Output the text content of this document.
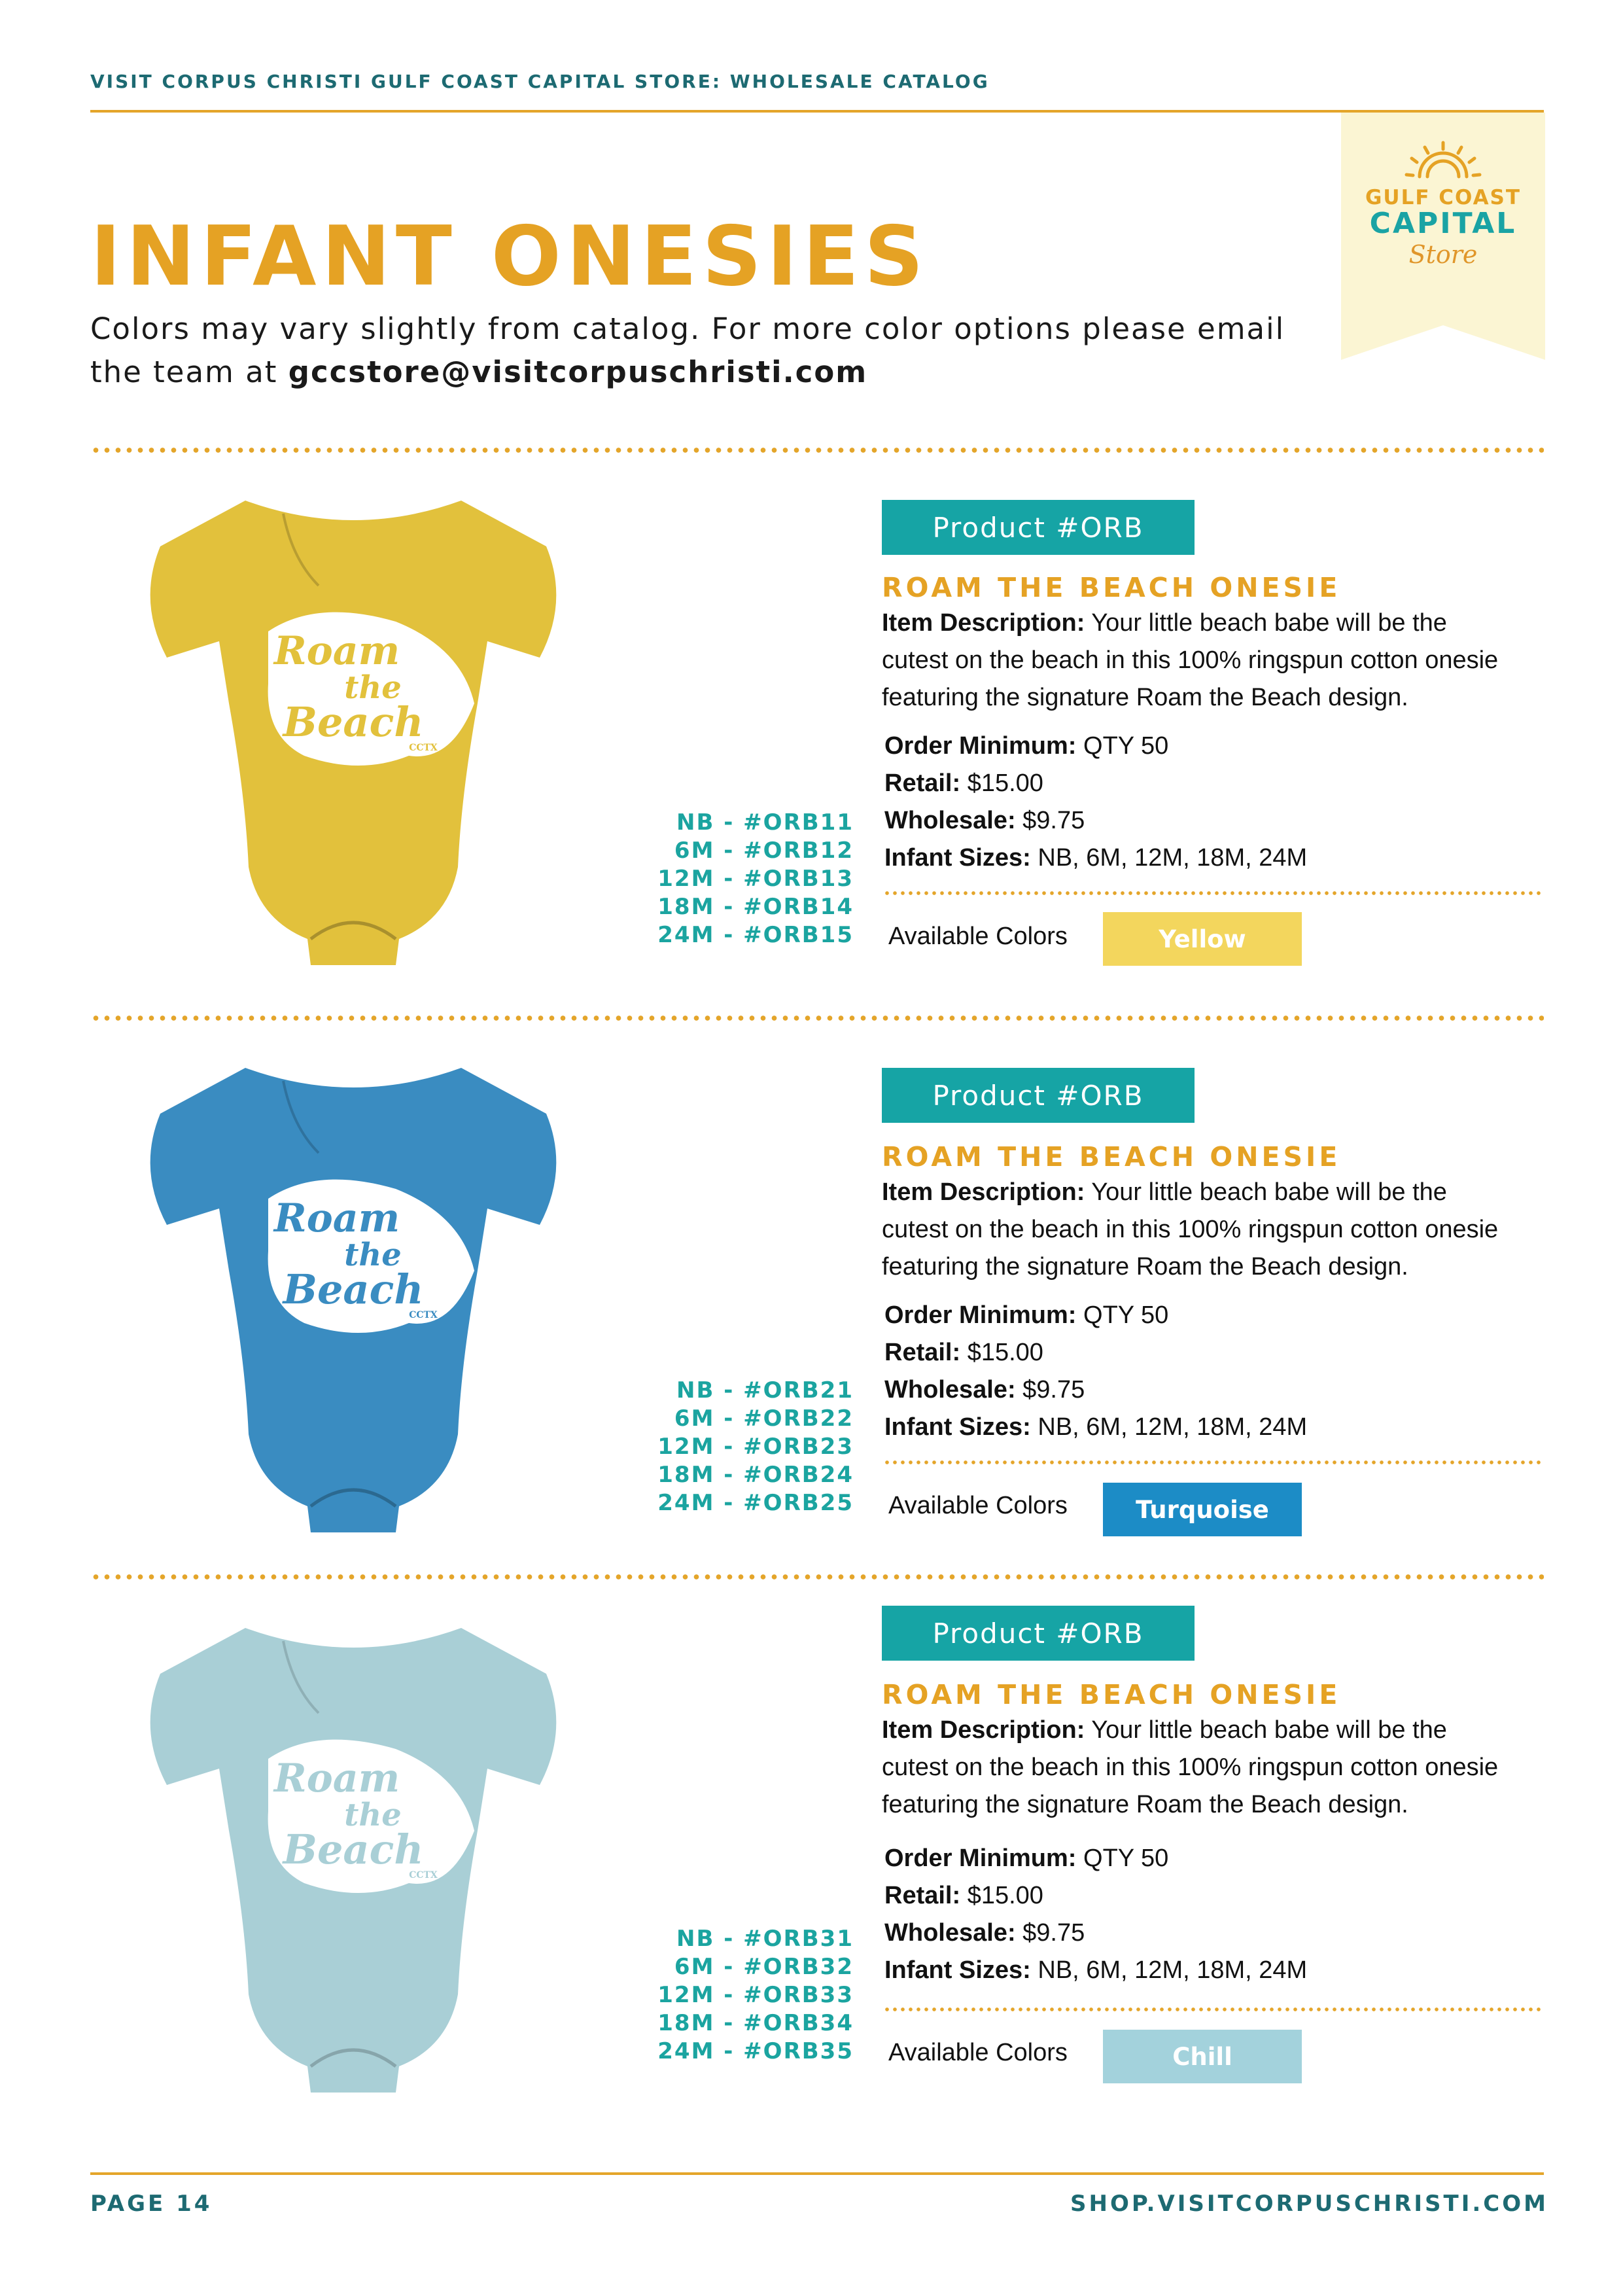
VISIT CORPUS CHRISTI GULF COAST CAPITAL STORE: WHOLESALE CATALOG
GULF COAST
CAPITAL
Store
INFANT ONESIES
Colors may vary slightly from catalog. For more color options please email the team at gccstore@visitcorpuschristi.com
Roam
the
Beach
CCTX
NB - #ORB11
6M - #ORB12
12M - #ORB13
18M - #ORB14
24M - #ORB15
Product #ORB
ROAM THE BEACH ONESIE
Item Description: Your little beach babe will be the
cutest on the beach in this 100% ringspun cotton onesie
featuring the signature Roam the Beach design.
Order Minimum: QTY 50
Retail: $15.00
Wholesale: $9.75
Infant Sizes: NB, 6M, 12M, 18M, 24M
Available Colors	Yellow
Roam
the
Beach
CCTX
NB - #ORB21
6M - #ORB22
12M - #ORB23
18M - #ORB24
24M - #ORB25
Product #ORB
ROAM THE BEACH ONESIE
Item Description: Your little beach babe will be the
cutest on the beach in this 100% ringspun cotton onesie
featuring the signature Roam the Beach design.
Order Minimum: QTY 50
Retail: $15.00
Wholesale: $9.75
Infant Sizes: NB, 6M, 12M, 18M, 24M
Available Colors	Turquoise
Roam
the
Beach
CCTX
NB - #ORB31
6M - #ORB32
12M - #ORB33
18M - #ORB34
24M - #ORB35
Product #ORB
ROAM THE BEACH ONESIE
Item Description: Your little beach babe will be the
cutest on the beach in this 100% ringspun cotton onesie
featuring the signature Roam the Beach design.
Order Minimum: QTY 50
Retail: $15.00
Wholesale: $9.75
Infant Sizes: NB, 6M, 12M, 18M, 24M
Available Colors	Chill
PAGE 14	SHOP.VISITCORPUSCHRISTI.COM
